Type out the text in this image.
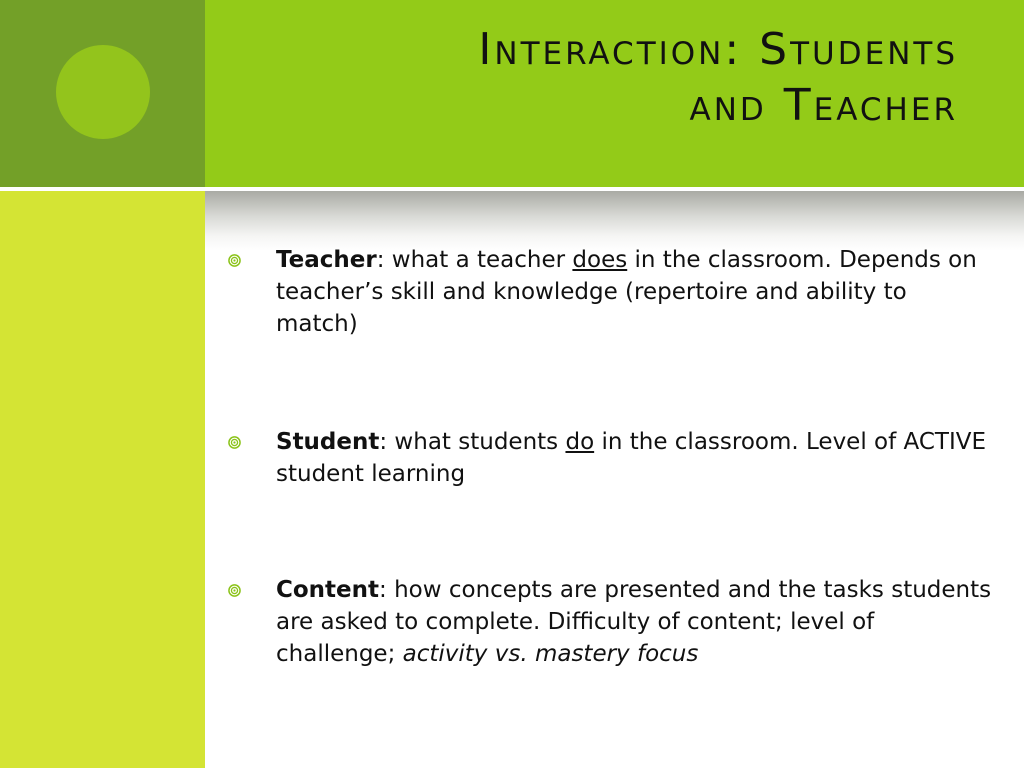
Interaction: Students
and Teacher
Teacher: what a teacher does in the classroom. Depends on teacher’s skill and knowledge (repertoire and ability to match)
Student: what students do in the classroom. Level of ACTIVE student learning
Content: how concepts are presented and the tasks students are asked to complete. Difficulty of content; level of challenge; activity vs. mastery focus
